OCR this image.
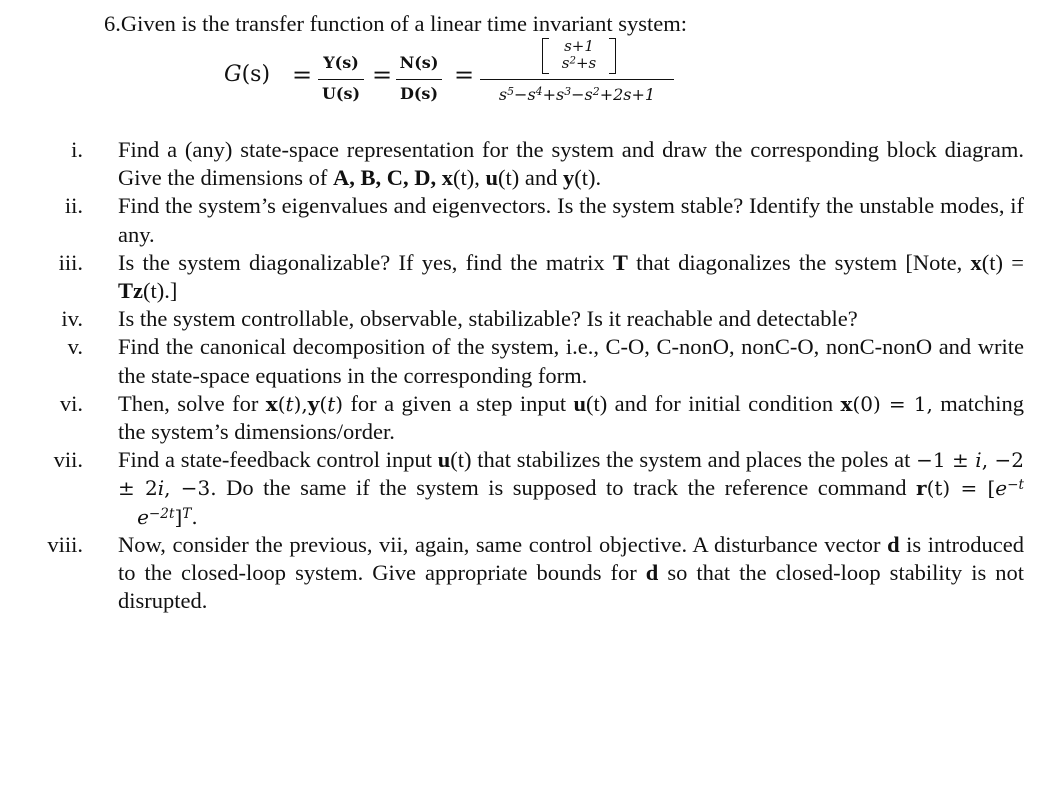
6.Given is the transfer function of a linear time invariant system:
G(s) = Y(s)
U(s)
= N(s)
D(s)
=
s+1
$s^2+s$
$s^5-s^4+s^3-s^2+2s+1$
i. Find a (any) state-space representation for the system and draw the corresponding block diagram. Give the dimensions of A, B, C, D, x(t), u(t) and y(t).
ii. Find the system’s eigenvalues and eigenvectors. Is the system stable? Identify the unstable modes, if any.
iii. Is the system diagonalizable? If yes, find the matrix T that diagonalizes the system [Note, x(t) = Tz(t).]
iv. Is the system controllable, observable, stabilizable? Is it reachable and detectable?
v. Find the canonical decomposition of the system, i.e., C-O, C-nonO, nonC-O, nonC-nonO and write the state-space equations in the corresponding form.
vi. Then, solve for x(t),y(t) for a given a step input u(t) and for initial condition x(0) = 1, matching the system’s dimensions/order.
vii. Find a state-feedback control input u(t) that stabilizes the system and places the poles at −1 ± i, −2 ± 2i, −3. Do the same if the system is supposed to track the reference command $r(t) = [e^{-t}$   $e^{-2t}]^T$.
viii. Now, consider the previous, vii, again, same control objective. A disturbance vector d is introduced to the closed-loop system. Give appropriate bounds for d so that the closed-loop stability is not disrupted.
